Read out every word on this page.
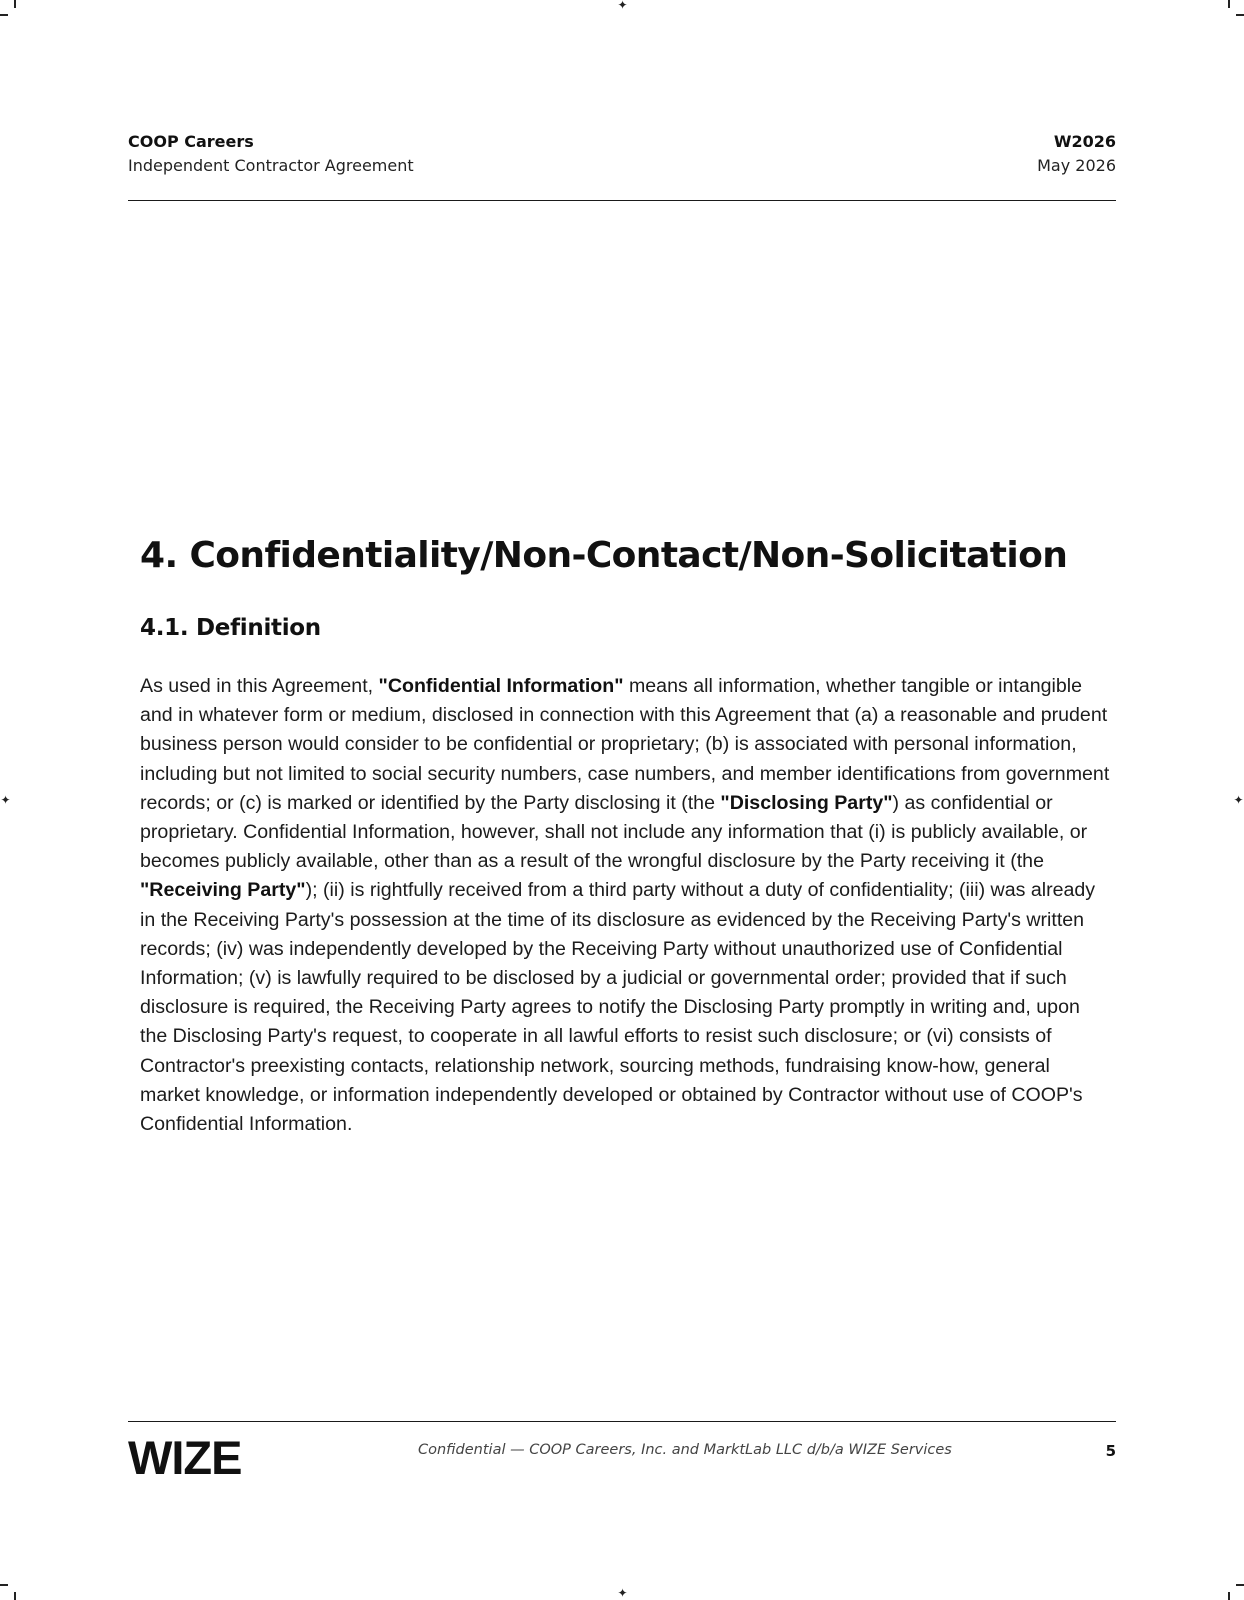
✦
✦
✦	✦
COOP Careers
Independent Contractor Agreement
W2026
May 2026
4. Confidentiality/Non-Contact/Non-Solicitation
4.1. Definition

As used in this Agreement, "Confidential Information" means all information, whether tangible or intangible and in whatever form or medium, disclosed in connection with this Agreement that (a) a reasonable and prudent business person would consider to be confidential or proprietary; (b) is associated with personal information, including but not limited to social security numbers, case numbers, and member identifications from government records; or (c) is marked or identified by the Party disclosing it (the "Disclosing Party") as confidential or proprietary. Confidential Information, however, shall not include any information that (i) is publicly available, or becomes publicly available, other than as a result of the wrongful disclosure by the Party receiving it (the "Receiving Party"); (ii) is rightfully received from a third party without a duty of confidentiality; (iii) was already in the Receiving Party's possession at the time of its disclosure as evidenced by the Receiving Party's written records; (iv) was independently developed by the Receiving Party without unauthorized use of Confidential Information; (v) is lawfully required to be disclosed by a judicial or governmental order; provided that if such disclosure is required, the Receiving Party agrees to notify the Disclosing Party promptly in writing and, upon the Disclosing Party's request, to cooperate in all lawful efforts to resist such disclosure; or (vi) consists of Contractor's preexisting contacts, relationship network, sourcing methods, fundraising know-how, general market knowledge, or information independently developed or obtained by Contractor without use of COOP's Confidential Information.

WIZE	Confidential — COOP Careers, Inc. and MarktLab LLC d/b/a WIZE Services	5
